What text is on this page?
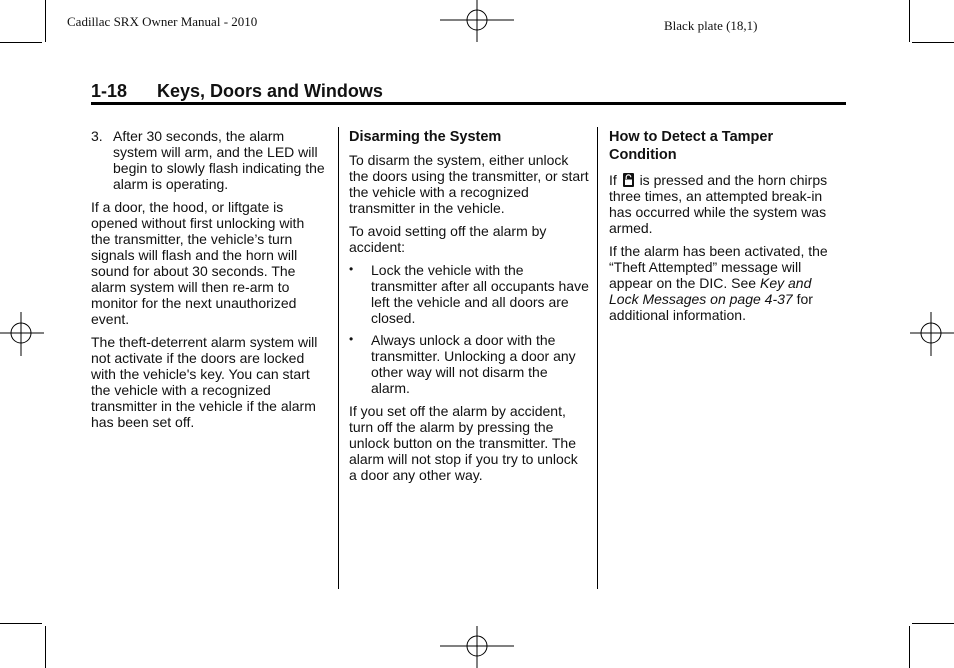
Cadillac SRX Owner Manual - 2010	Black plate (18,1)
1-18 Keys, Doors and Windows
3. After 30 seconds, the alarm system will arm, and the LED will begin to slowly flash indicating the alarm is operating.

If a door, the hood, or liftgate is opened without first unlocking with the transmitter, the vehicle’s turn signals will flash and the horn will sound for about 30 seconds. The alarm system will then re-arm to monitor for the next unauthorized event.

The theft-deterrent alarm system will not activate if the doors are locked with the vehicle's key. You can start the vehicle with a recognized transmitter in the vehicle if the alarm has been set off.

Disarming the System

To disarm the system, either unlock the doors using the transmitter, or start the vehicle with a recognized transmitter in the vehicle.

To avoid setting off the alarm by accident:

• Lock the vehicle with the transmitter after all occupants have left the vehicle and all doors are closed.
• Always unlock a door with the transmitter. Unlocking a door any other way will not disarm the alarm.

If you set off the alarm by accident, turn off the alarm by pressing the unlock button on the transmitter. The alarm will not stop if you try to unlock a door any other way.

How to Detect a Tamper Condition

If is pressed and the horn chirps three times, an attempted break-in has occurred while the system was armed.

If the alarm has been activated, the “Theft Attempted” message will appear on the DIC. See Key and Lock Messages on page 4-37 for additional information.
